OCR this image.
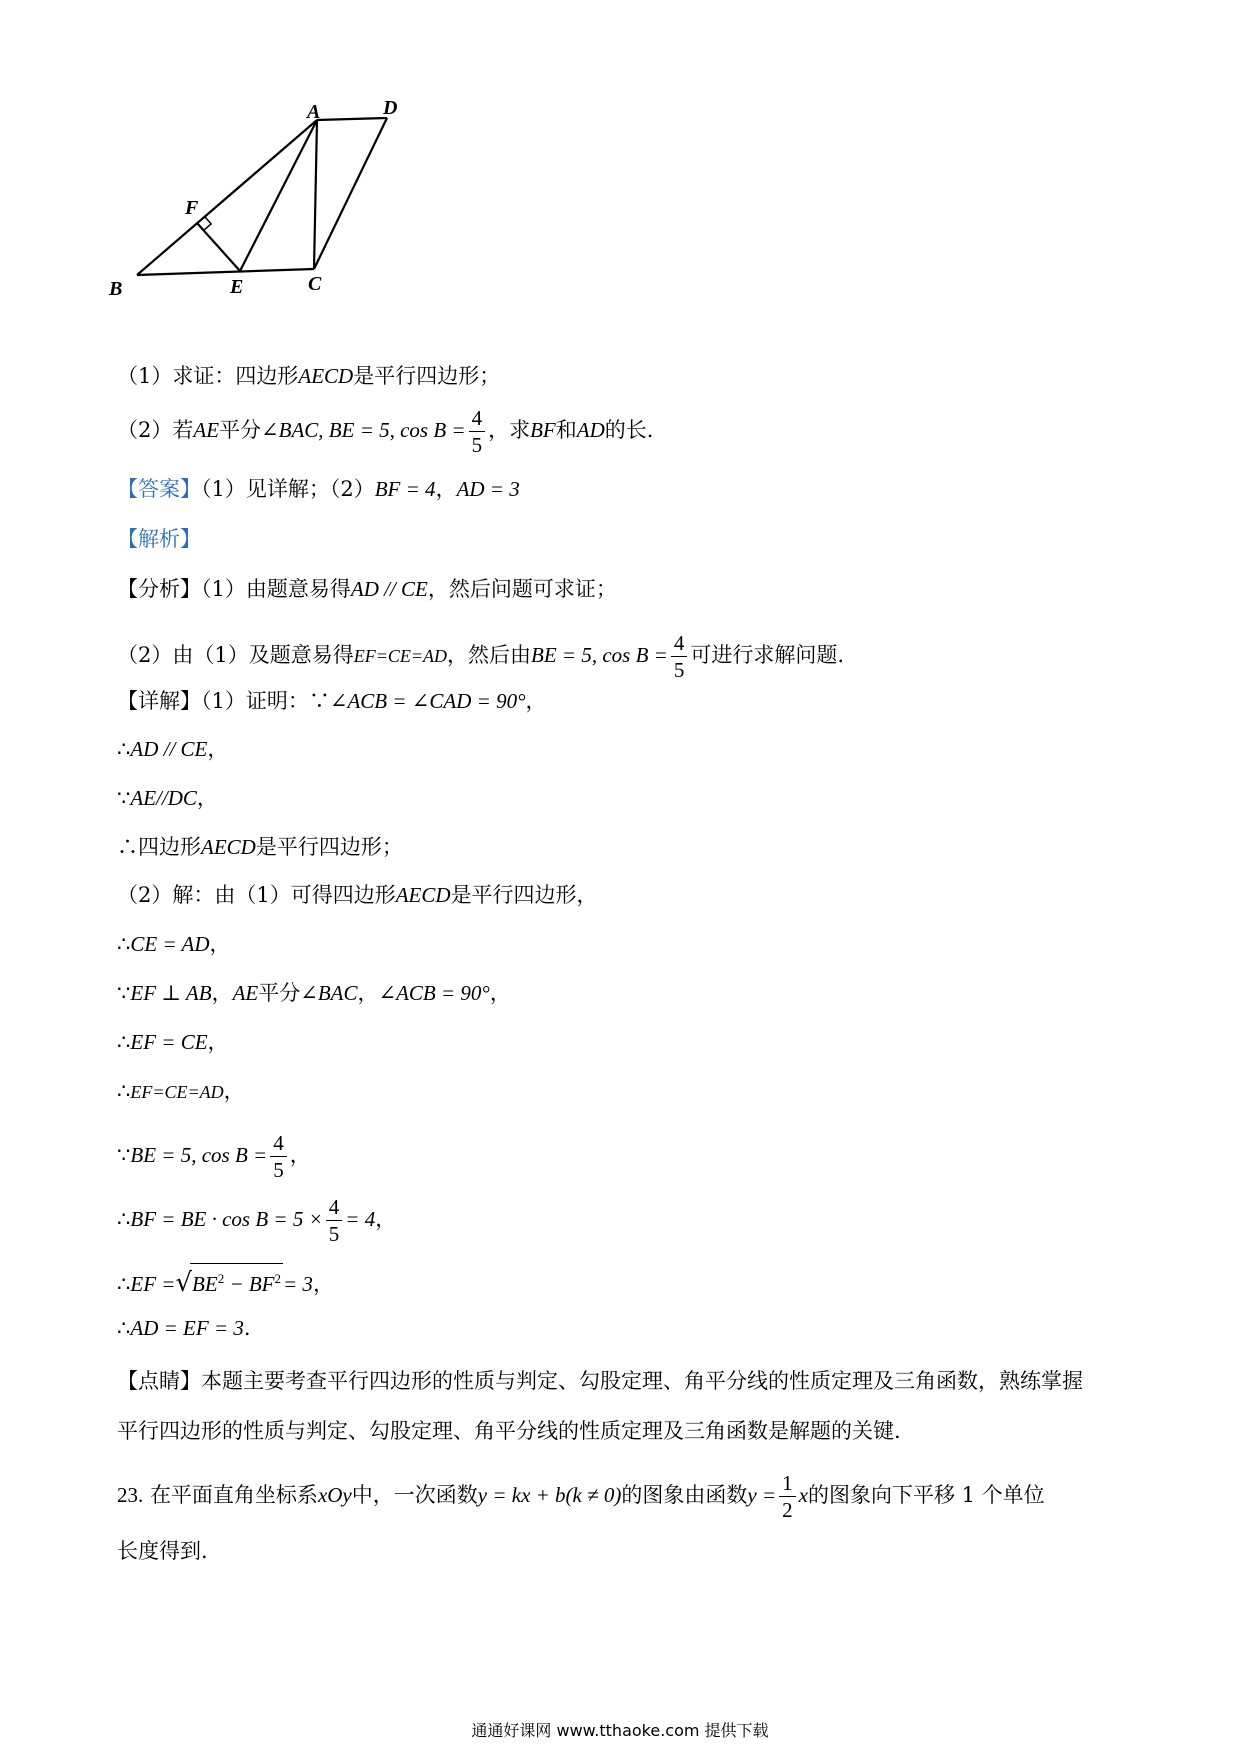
A	D
F
B	E	C
（1）求证：四边形AECD是平行四边形；
（2）若AE平分∠BAC, BE = 5, $\cos B = \frac{4}{5}$ ，求BF和AD的长.
【答案】（1）见详解；（2）BF = 4，AD = 3
【解析】
【分析】（1）由题意易得AD // CE，然后问题可求证；
（2）由（1）及题意易得EF=CE=AD，然后由BE = 5, $\cos B = \frac{4}{5}$ 可进行求解问题.
【详解】（1）证明：∵∠ACB = ∠CAD = 90°，
∴AD // CE，
∵AE//DC，
∴四边形AECD是平行四边形；
（2）解：由（1）可得四边形AECD是平行四边形，
∴CE = AD，
∵EF ⊥ AB，AE平分∠BAC，∠ACB = 90°，
∴EF = CE，
∴EF=CE=AD，
∵BE = 5, $\cos B = \frac{4}{5}$ ，
∴BF = BE · $\cos B = 5 \times \frac{4}{5} = 4$，
∴EF $=√BE^2 - BF^2= 3$，
∴AD = EF = 3.
【点睛】本题主要考查平行四边形的性质与判定、勾股定理、角平分线的性质定理及三角函数，熟练掌握
平行四边形的性质与判定、勾股定理、角平分线的性质定理及三角函数是解题的关键.
23. 在平面直角坐标系xOy中，一次函数y = kx + b(k ≠ 0)的图象由函数$y = \frac{1}{2}$ x的图象向下平移 1 个单位
长度得到.
通通好课网 www.tthaoke.com 提供下载
